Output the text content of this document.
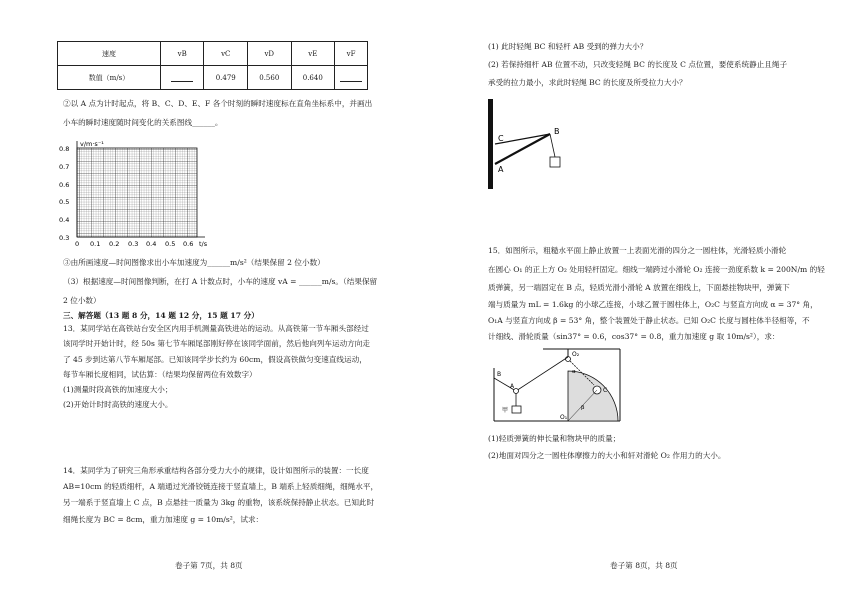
速度	vB	vC	vD	vE	vF
数值（m/s）		0.479	0.560	0.640	
②以 A 点为计时起点，将 B、C、D、E、F 各个时刻的瞬时速度标在直角坐标系中，并画出
小车的瞬时速度随时间变化的关系图线______。
v/m·s⁻¹
t/s
0.8
0.7
0.6
0.5
0.4
0.3
0 0.1 0.2 0.3 0.4 0.5 0.6
③由所画速度—时间图像求出小车加速度为______m/s²（结果保留 2 位小数）
（3）根据速度—时间图像判断，在打 A 计数点时，小车的速度 vA = ______m/s。（结果保留
2 位小数）
三、解答题（13 题 8 分，14 题 12 分，15 题 17 分）
13．某同学站在高铁站台安全区内用手机测量高铁进站的运动。从高铁第一节车厢头部经过
该同学时开始计时，经 50s 第七节车厢尾部刚好停在该同学面前，然后他向列车运动方向走
了 45 步到达第八节车厢尾部。已知该同学步长约为 60cm，假设高铁做匀变速直线运动，
每节车厢长度相同，试估算：（结果均保留两位有效数字）
(1)测量时段高铁的加速度大小；
(2)开始计时时高铁的速度大小。
14．某同学为了研究三角形承重结构各部分受力大小的规律，设计如图所示的装置：一长度
AB=10cm 的轻质细杆，A 端通过光滑铰链连接于竖直墙上，B 端系上轻质细绳，细绳水平，
另一端系于竖直墙上 C 点，B 点悬挂一质量为 3kg 的重物，该系统保持静止状态。已知此时
细绳长度为 BC = 8cm，重力加速度 g = 10m/s²，试求：
卷子第 7页，共 8页
(1) 此时轻绳 BC 和轻杆 AB 受到的弹力大小？
(2) 若保持细杆 AB 位置不动，只改变轻绳 BC 的长度及 C 点位置，要使系统静止且绳子
承受的拉力最小，求此时轻绳 BC 的长度及所受拉力大小？
B
C
A
15．如图所示，粗糙水平面上静止放置一上表面光滑的四分之一圆柱体，光滑轻质小滑轮
在圆心 O₁ 的正上方 O₂ 处用轻杆固定。细线一端跨过小滑轮 O₂ 连接一劲度系数 k = 200N/m 的轻
质弹簧，另一端固定在 B 点，轻质光滑小滑轮 A 放置在细线上，下面悬挂物块甲，弹簧下
端与质量为 mL = 1.6kg 的小球乙连接，小球乙置于圆柱体上，O₂C 与竖直方向成 α = 37° 角，
O₁A 与竖直方向成 β = 53° 角，整个装置处于静止状态。已知 O₂C 长度与圆柱体半径相等，不
计细线、滑轮质量（sin37° = 0.6，cos37° = 0.8，重力加速度 g 取 10m/s²），求：
O₂
A
B
C
O₁
甲
α
β
(1)轻质弹簧的伸长量和物块甲的质量；
(2)地面对四分之一圆柱体摩擦力的大小和轩对滑轮 O₂ 作用力的大小。
卷子第 8页，共 8页
